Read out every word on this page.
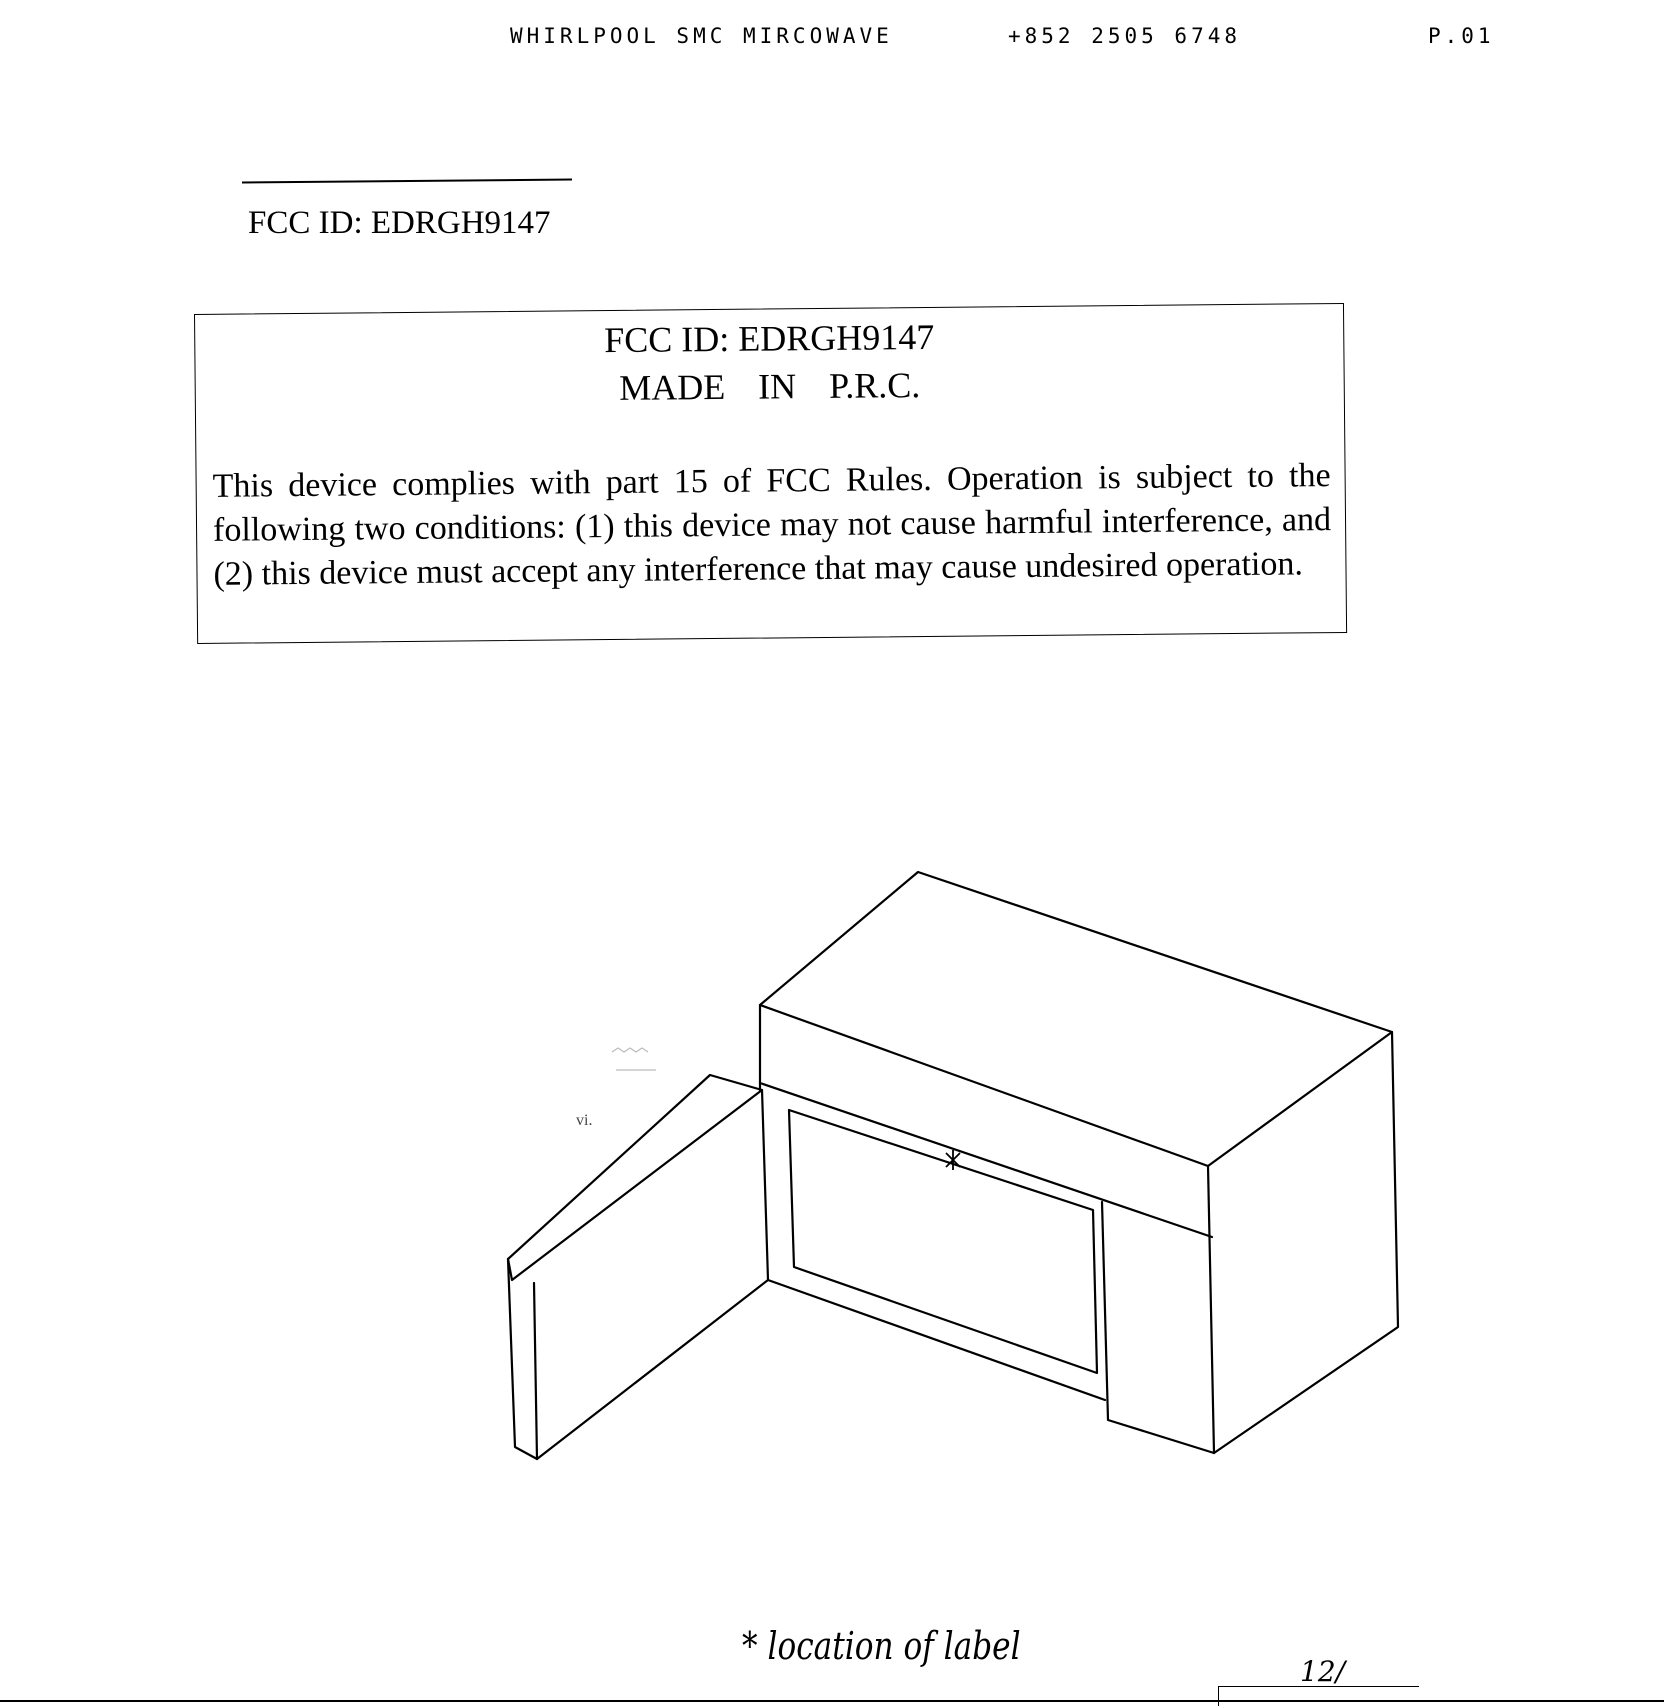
WHIRLPOOL SMC MIRCOWAVE	+852 2505 6748	P.01
FCC ID: EDRGH9147
FCC ID: EDRGH9147
MADE IN P.R.C.
This device complies with part 15 of FCC Rules. Operation is subject to the following two conditions: (1) this device may not cause harmful interference, and (2) this device must accept any interference that may cause undesired operation.
vi.
* location of label
12/
